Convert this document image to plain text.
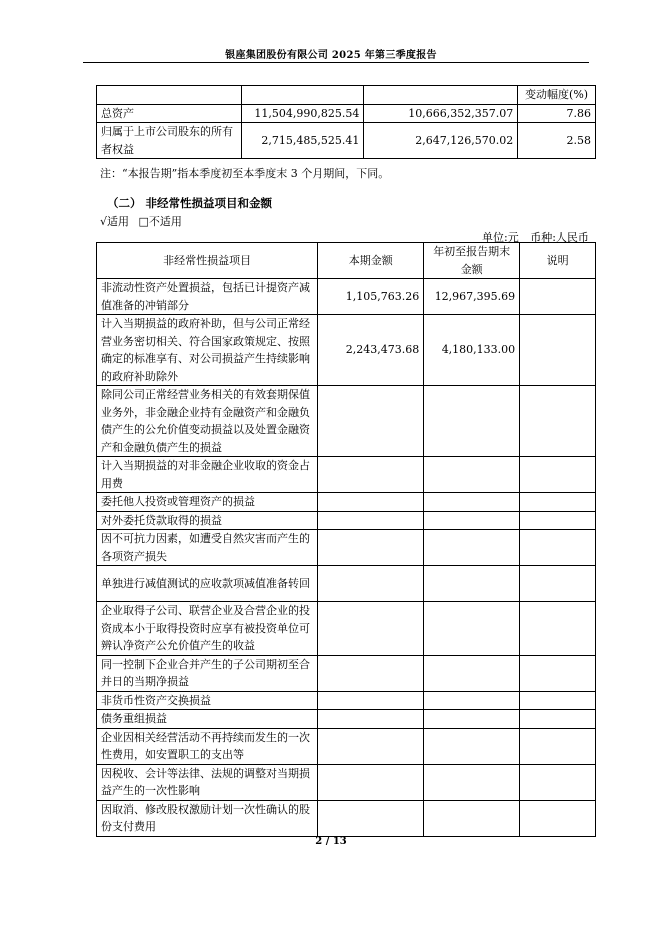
银座集团股份有限公司 2025 年第三季度报告
			变动幅度(%)
总资产	11,504,990,825.54	10,666,352,357.07	7.86
归属于上市公司股东的所有者权益	2,715,485,525.41	2,647,126,570.02	2.58
注：“本报告期”指本季度初至本季度末 3 个月期间，下同。
（二） 非经常性损益项目和金额
√适用 □不适用
单位:元 币种:人民币
非经常性损益项目	本期金额	年初至报告期末金额	说明
非流动性资产处置损益，包括已计提资产减值准备的冲销部分	1,105,763.26	12,967,395.69	
计入当期损益的政府补助，但与公司正常经营业务密切相关、符合国家政策规定、按照确定的标准享有、对公司损益产生持续影响的政府补助除外	2,243,473.68	4,180,133.00	
除同公司正常经营业务相关的有效套期保值业务外，非金融企业持有金融资产和金融负债产生的公允价值变动损益以及处置金融资产和金融负债产生的损益			
计入当期损益的对非金融企业收取的资金占用费			
委托他人投资或管理资产的损益			
对外委托贷款取得的损益			
因不可抗力因素，如遭受自然灾害而产生的各项资产损失			
单独进行减值测试的应收款项减值准备转回			
企业取得子公司、联营企业及合营企业的投资成本小于取得投资时应享有被投资单位可辨认净资产公允价值产生的收益			
同一控制下企业合并产生的子公司期初至合并日的当期净损益			
非货币性资产交换损益			
债务重组损益			
企业因相关经营活动不再持续而发生的一次性费用，如安置职工的支出等			
因税收、会计等法律、法规的调整对当期损益产生的一次性影响			
因取消、修改股权激励计划一次性确认的股份支付费用			
2 / 13
